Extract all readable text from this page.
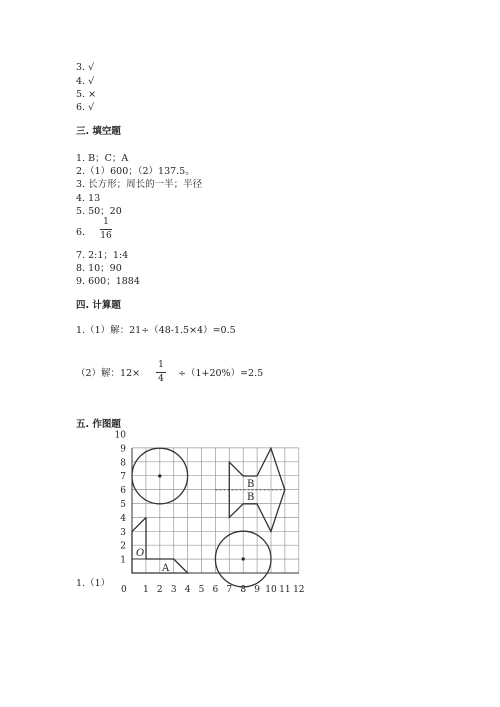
3. √
4. √
5. ×
6. √
三. 填空题
1. B；C；A
2.（1）600；（2）137.5。
3. 长方形；周长的一半；半径
4. 13
5. 50；20
6.
1
16
7. 2:1；1:4
8. 10；90
9. 600；1884
四. 计算题
1.（1）解：21÷（48-1.5×4）=0.5
（2）解：12×
1
4 ÷（1+20%）=2.5
五. 作图题
1.（1）
1 2 3 4 5 6 7 8 9 10 11 12
1
2
3
4
5
6
7
8
9
10
0
O
A
B
B
